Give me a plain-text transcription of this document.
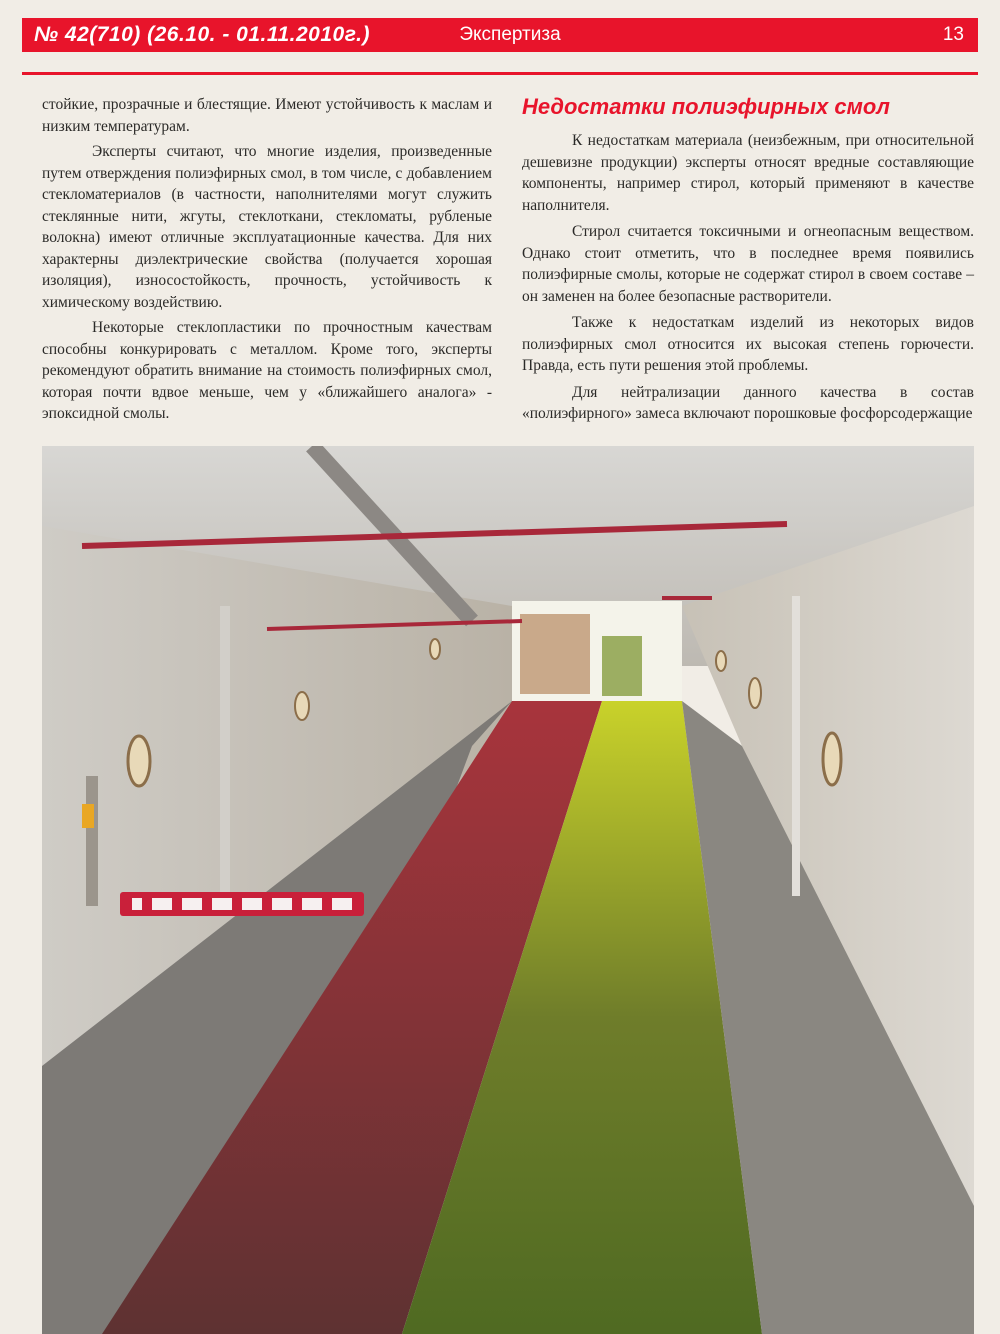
№ 42(710) (26.10. - 01.11.2010г.)	Экспертиза	13

стойкие, прозрачные и блестящие. Имеют устойчивость к маслам и низким температурам.

Эксперты считают, что многие изделия, произведенные путем отверждения полиэфирных смол, в том числе, с добавлением стекломатериалов (в частности, наполнителями могут служить стеклянные нити, жгуты, стеклоткани, стекломаты, рубленые волокна) имеют отличные эксплуатационные качества. Для них характерны диэлектрические свойства (получается хорошая изоляция), износостойкость, прочность, устойчивость к химическому воздействию.

Некоторые стеклопластики по прочностным качествам способны конкурировать с металлом. Кроме того, эксперты рекомендуют обратить внимание на стоимость полиэфирных смол, которая почти вдвое меньше, чем у «ближайшего аналога» - эпоксидной смолы.

Недостатки полиэфирных смол

К недостаткам материала (неизбежным, при относительной дешевизне продукции) эксперты относят вредные составляющие компоненты, например стирол, который применяют в качестве наполнителя.

Стирол считается токсичными и огнеопасным веществом. Однако стоит отметить, что в последнее время появились полиэфирные смолы, которые не содержат стирол в своем составе – он заменен на более безопасные растворители.

Также к недостаткам изделий из некоторых видов полиэфирных смол относится их высокая степень горючести. Правда, есть пути решения этой проблемы.

Для нейтрализации данного качества в состав «полиэфирного» замеса включают порошковые фосфорсодержащие
